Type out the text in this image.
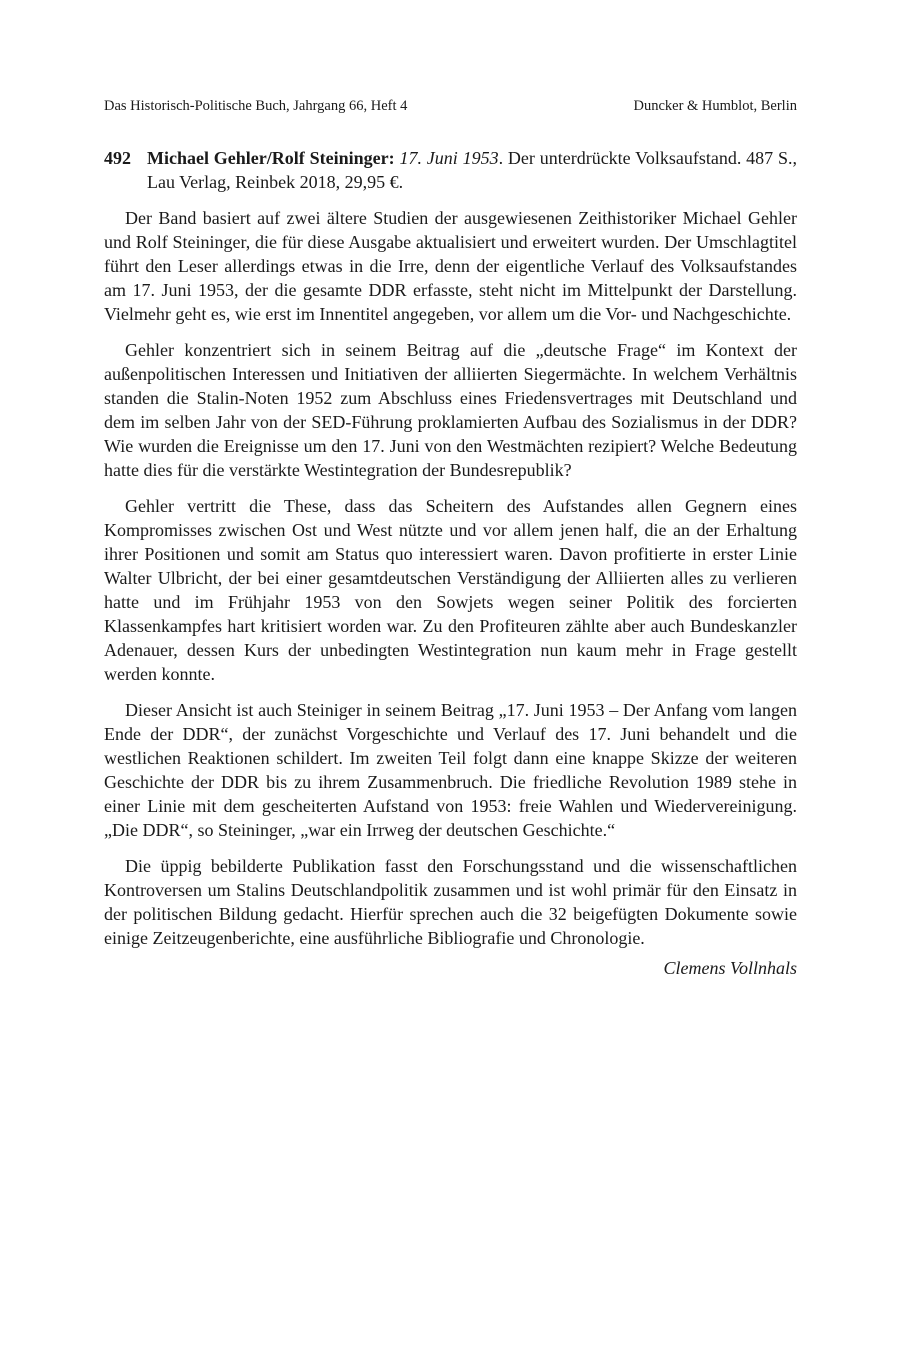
Das Historisch-Politische Buch, Jahrgang 66, Heft 4	Duncker & Humblot, Berlin

492 Michael Gehler/Rolf Steininger: 17. Juni 1953. Der unterdrückte Volksaufstand. 487 S., Lau Verlag, Reinbek 2018, 29,95 €.

Der Band basiert auf zwei ältere Studien der ausgewiesenen Zeithistoriker Michael Gehler und Rolf Steininger, die für diese Ausgabe aktualisiert und erweitert wurden. Der Umschlagtitel führt den Leser allerdings etwas in die Irre, denn der eigentliche Verlauf des Volksaufstandes am 17. Juni 1953, der die gesamte DDR erfasste, steht nicht im Mittelpunkt der Darstellung. Vielmehr geht es, wie erst im Innentitel angegeben, vor allem um die Vor- und Nachgeschichte.

Gehler konzentriert sich in seinem Beitrag auf die „deutsche Frage“ im Kontext der außenpolitischen Interessen und Initiativen der alliierten Siegermächte. In welchem Verhältnis standen die Stalin-Noten 1952 zum Abschluss eines Friedensvertrages mit Deutschland und dem im selben Jahr von der SED-Führung proklamierten Aufbau des Sozialismus in der DDR? Wie wurden die Ereignisse um den 17. Juni von den Westmächten rezipiert? Welche Bedeutung hatte dies für die verstärkte Westintegration der Bundesrepublik?

Gehler vertritt die These, dass das Scheitern des Aufstandes allen Gegnern eines Kompromisses zwischen Ost und West nützte und vor allem jenen half, die an der Erhaltung ihrer Positionen und somit am Status quo interessiert waren. Davon profitierte in erster Linie Walter Ulbricht, der bei einer gesamtdeutschen Verständigung der Alliierten alles zu verlieren hatte und im Frühjahr 1953 von den Sowjets wegen seiner Politik des forcierten Klassenkampfes hart kritisiert worden war. Zu den Profiteuren zählte aber auch Bundeskanzler Adenauer, dessen Kurs der unbedingten Westintegration nun kaum mehr in Frage gestellt werden konnte.

Dieser Ansicht ist auch Steiniger in seinem Beitrag „17. Juni 1953 – Der Anfang vom langen Ende der DDR“, der zunächst Vorgeschichte und Verlauf des 17. Juni behandelt und die westlichen Reaktionen schildert. Im zweiten Teil folgt dann eine knappe Skizze der weiteren Geschichte der DDR bis zu ihrem Zusammenbruch. Die friedliche Revolution 1989 stehe in einer Linie mit dem gescheiterten Aufstand von 1953: freie Wahlen und Wiedervereinigung. „Die DDR“, so Steininger, „war ein Irrweg der deutschen Geschichte.“

Die üppig bebilderte Publikation fasst den Forschungsstand und die wissenschaftlichen Kontroversen um Stalins Deutschlandpolitik zusammen und ist wohl primär für den Einsatz in der politischen Bildung gedacht. Hierfür sprechen auch die 32 beigefügten Dokumente sowie einige Zeitzeugenberichte, eine ausführliche Bibliografie und Chronologie.

Clemens Vollnhals
